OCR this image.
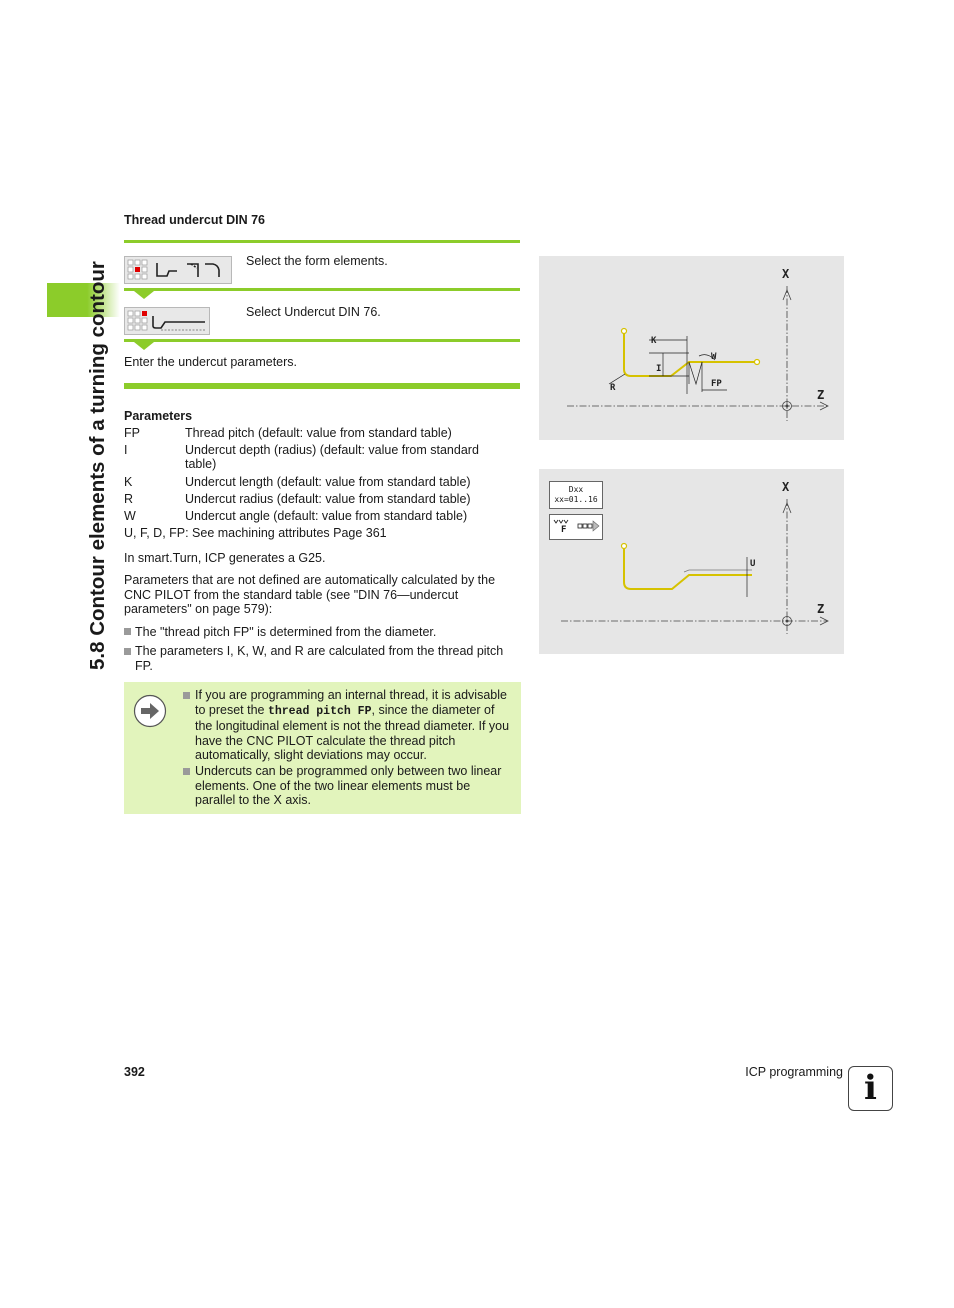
5.8 Contour elements of a turning contour
Thread undercut DIN 76
Select the form elements.
Select Undercut DIN 76.
Enter the undercut parameters.
Parameters
FP	Thread pitch (default: value from standard table)
I	Undercut depth (radius) (default: value from standard table)
K	Undercut length (default: value from standard table)
R	Undercut radius (default: value from standard table)
W	Undercut angle (default: value from standard table)
U, F, D, FP: See machining attributes Page 361
In smart.Turn, ICP generates a G25.
Parameters that are not defined are automatically calculated by the CNC PILOT from the standard table (see "DIN 76—undercut parameters" on page 579):
The "thread pitch FP" is determined from the diameter.
The parameters I, K, W, and R are calculated from the thread pitch FP.
If you are programming an internal thread, it is advisable to preset the thread pitch FP, since the diameter of the longitudinal element is not the thread diameter. If you have the CNC PILOT calculate the thread pitch automatically, slight deviations may occur.
Undercuts can be programmed only between two linear elements. One of the two linear elements must be parallel to the X axis.
K
W
I
R	FP
X
Z
U
X
Z
Dxx
xx=01..16
F
392	ICP programming i
